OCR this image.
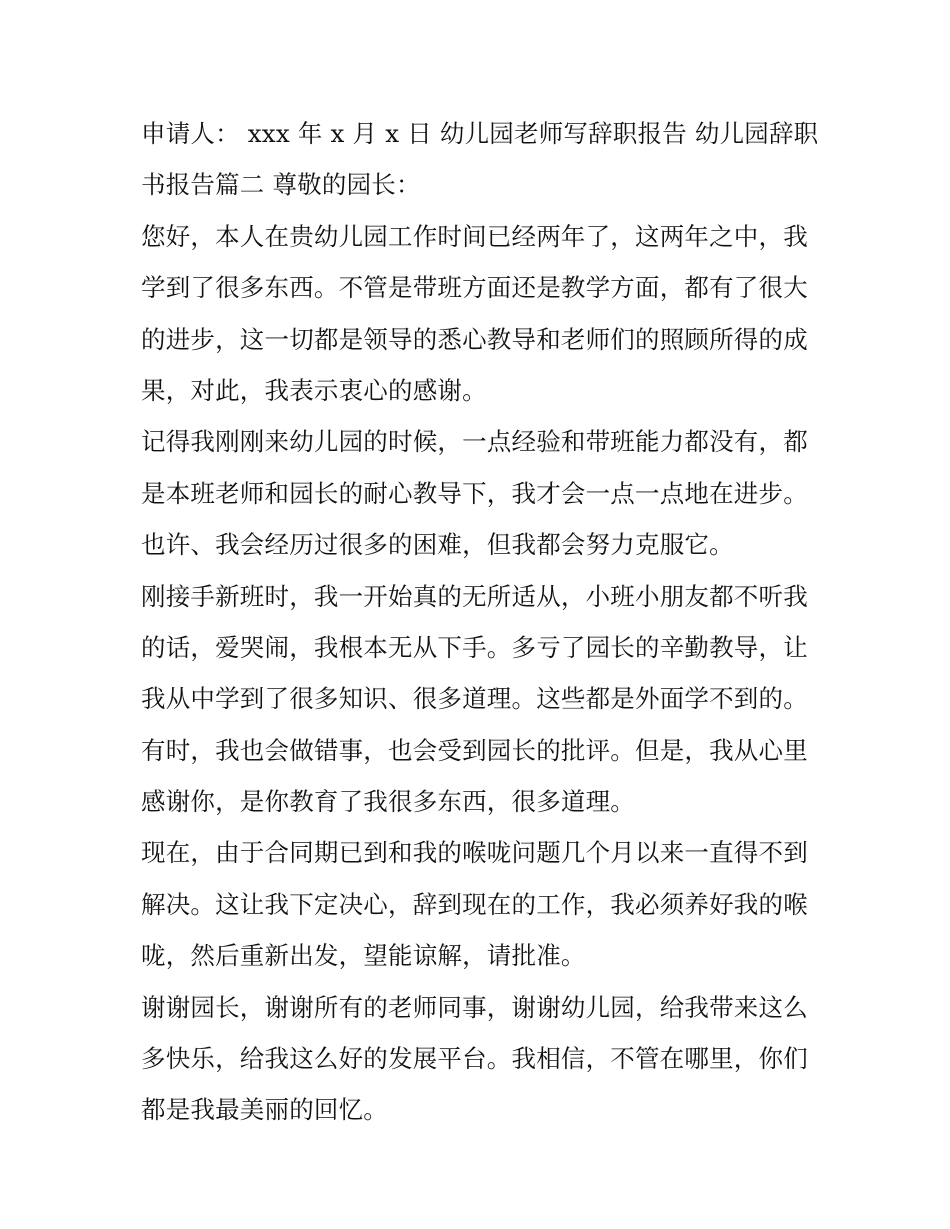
申请人： xxx 年 x 月 x 日 幼儿园老师写辞职报告 幼儿园辞职
书报告篇二 尊敬的园长：
您好，本人在贵幼儿园工作时间已经两年了，这两年之中，我
学到了很多东西。不管是带班方面还是教学方面，都有了很大
的进步，这一切都是领导的悉心教导和老师们的照顾所得的成
果，对此，我表示衷心的感谢。
记得我刚刚来幼儿园的时候，一点经验和带班能力都没有，都
是本班老师和园长的耐心教导下，我才会一点一点地在进步。
也许、我会经历过很多的困难，但我都会努力克服它。
刚接手新班时，我一开始真的无所适从，小班小朋友都不听我
的话，爱哭闹，我根本无从下手。多亏了园长的辛勤教导，让
我从中学到了很多知识、很多道理。这些都是外面学不到的。
有时，我也会做错事，也会受到园长的批评。但是，我从心里
感谢你，是你教育了我很多东西，很多道理。
现在，由于合同期已到和我的喉咙问题几个月以来一直得不到
解决。这让我下定决心，辞到现在的工作，我必须养好我的喉
咙，然后重新出发，望能谅解，请批准。
谢谢园长，谢谢所有的老师同事，谢谢幼儿园，给我带来这么
多快乐，给我这么好的发展平台。我相信，不管在哪里，你们
都是我最美丽的回忆。
